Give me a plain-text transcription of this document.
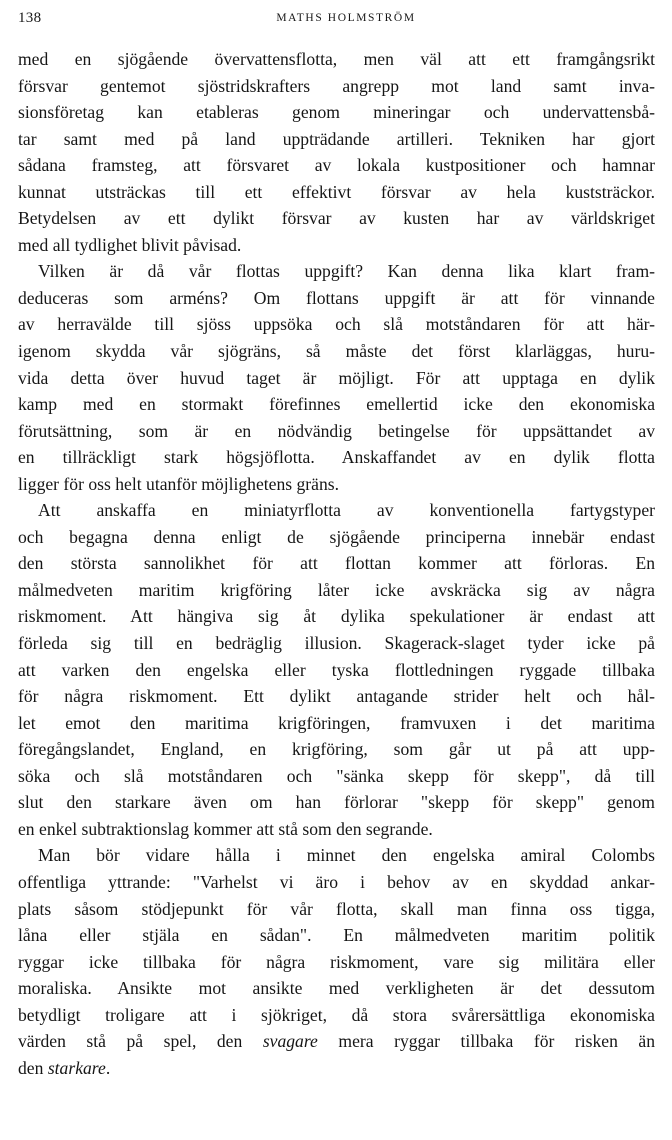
138	MATHS HOLMSTRÖM
med en sjögående övervattensflotta, men väl att ett framgångsrikt
försvar gentemot sjöstridskrafters angrepp mot land samt inva-
sionsföretag kan etableras genom mineringar och undervattensbå-
tar samt med på land uppträdande artilleri. Tekniken har gjort
sådana framsteg, att försvaret av lokala kustpositioner och hamnar
kunnat utsträckas till ett effektivt försvar av hela kuststräckor.
Betydelsen av ett dylikt försvar av kusten har av världskriget
med all tydlighet blivit påvisad.
Vilken är då vår flottas uppgift? Kan denna lika klart fram-
deduceras som arméns? Om flottans uppgift är att för vinnande
av herravälde till sjöss uppsöka och slå motståndaren för att här-
igenom skydda vår sjögräns, så måste det först klarläggas, huru-
vida detta över huvud taget är möjligt. För att upptaga en dylik
kamp med en stormakt förefinnes emellertid icke den ekonomiska
förutsättning, som är en nödvändig betingelse för uppsättandet av
en tillräckligt stark högsjöflotta. Anskaffandet av en dylik flotta
ligger för oss helt utanför möjlighetens gräns.
Att anskaffa en miniatyrflotta av konventionella fartygstyper
och begagna denna enligt de sjögående principerna innebär endast
den största sannolikhet för att flottan kommer att förloras. En
målmedveten maritim krigföring låter icke avskräcka sig av några
riskmoment. Att hängiva sig åt dylika spekulationer är endast att
förleda sig till en bedräglig illusion. Skagerack-slaget tyder icke på
att varken den engelska eller tyska flottledningen ryggade tillbaka
för några riskmoment. Ett dylikt antagande strider helt och hål-
let emot den maritima krigföringen, framvuxen i det maritima
föregångslandet, England, en krigföring, som går ut på att upp-
söka och slå motståndaren och "sänka skepp för skepp", då till
slut den starkare även om han förlorar "skepp för skepp" genom
en enkel subtraktionslag kommer att stå som den segrande.
Man bör vidare hålla i minnet den engelska amiral Colombs
offentliga yttrande: "Varhelst vi äro i behov av en skyddad ankar-
plats såsom stödjepunkt för vår flotta, skall man finna oss tigga,
låna eller stjäla en sådan". En målmedveten maritim politik
ryggar icke tillbaka för några riskmoment, vare sig militära eller
moraliska. Ansikte mot ansikte med verkligheten är det dessutom
betydligt troligare att i sjökriget, då stora svårersättliga ekonomiska
värden stå på spel, den svagare mera ryggar tillbaka för risken än
den starkare.
